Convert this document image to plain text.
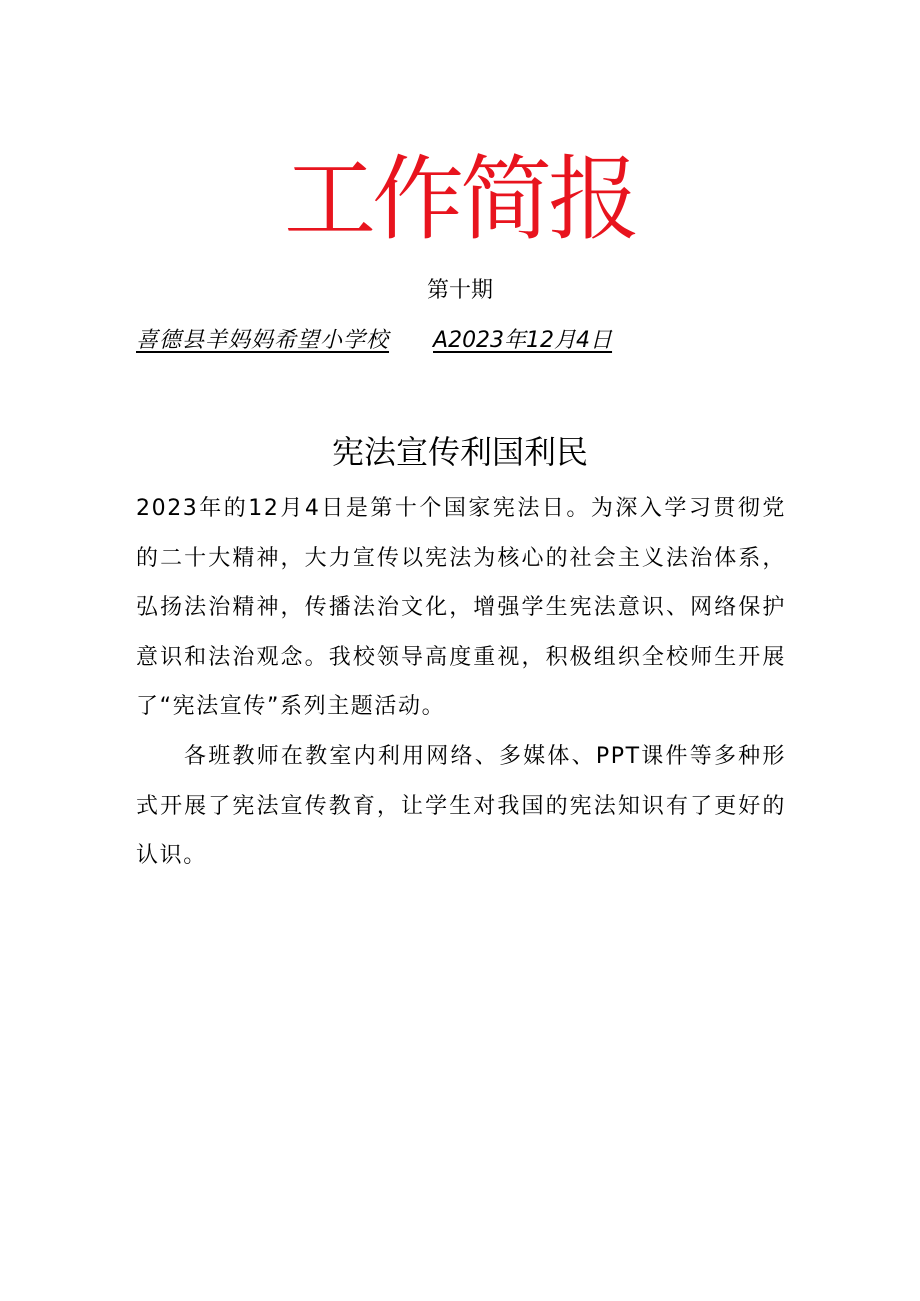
工作简报
第十期
喜德县羊妈妈希望小学校 A2023年12月4日
宪法宣传利国利民

2023年的12月4日是第十个国家宪法日。为深入学习贯彻党的二十大精神，大力宣传以宪法为核心的社会主义法治体系，弘扬法治精神，传播法治文化，增强学生宪法意识、网络保护意识和法治观念。我校领导高度重视，积极组织全校师生开展了“宪法宣传”系列主题活动。

各班教师在教室内利用网络、多媒体、PPT课件等多种形式开展了宪法宣传教育，让学生对我国的宪法知识有了更好的认识。
